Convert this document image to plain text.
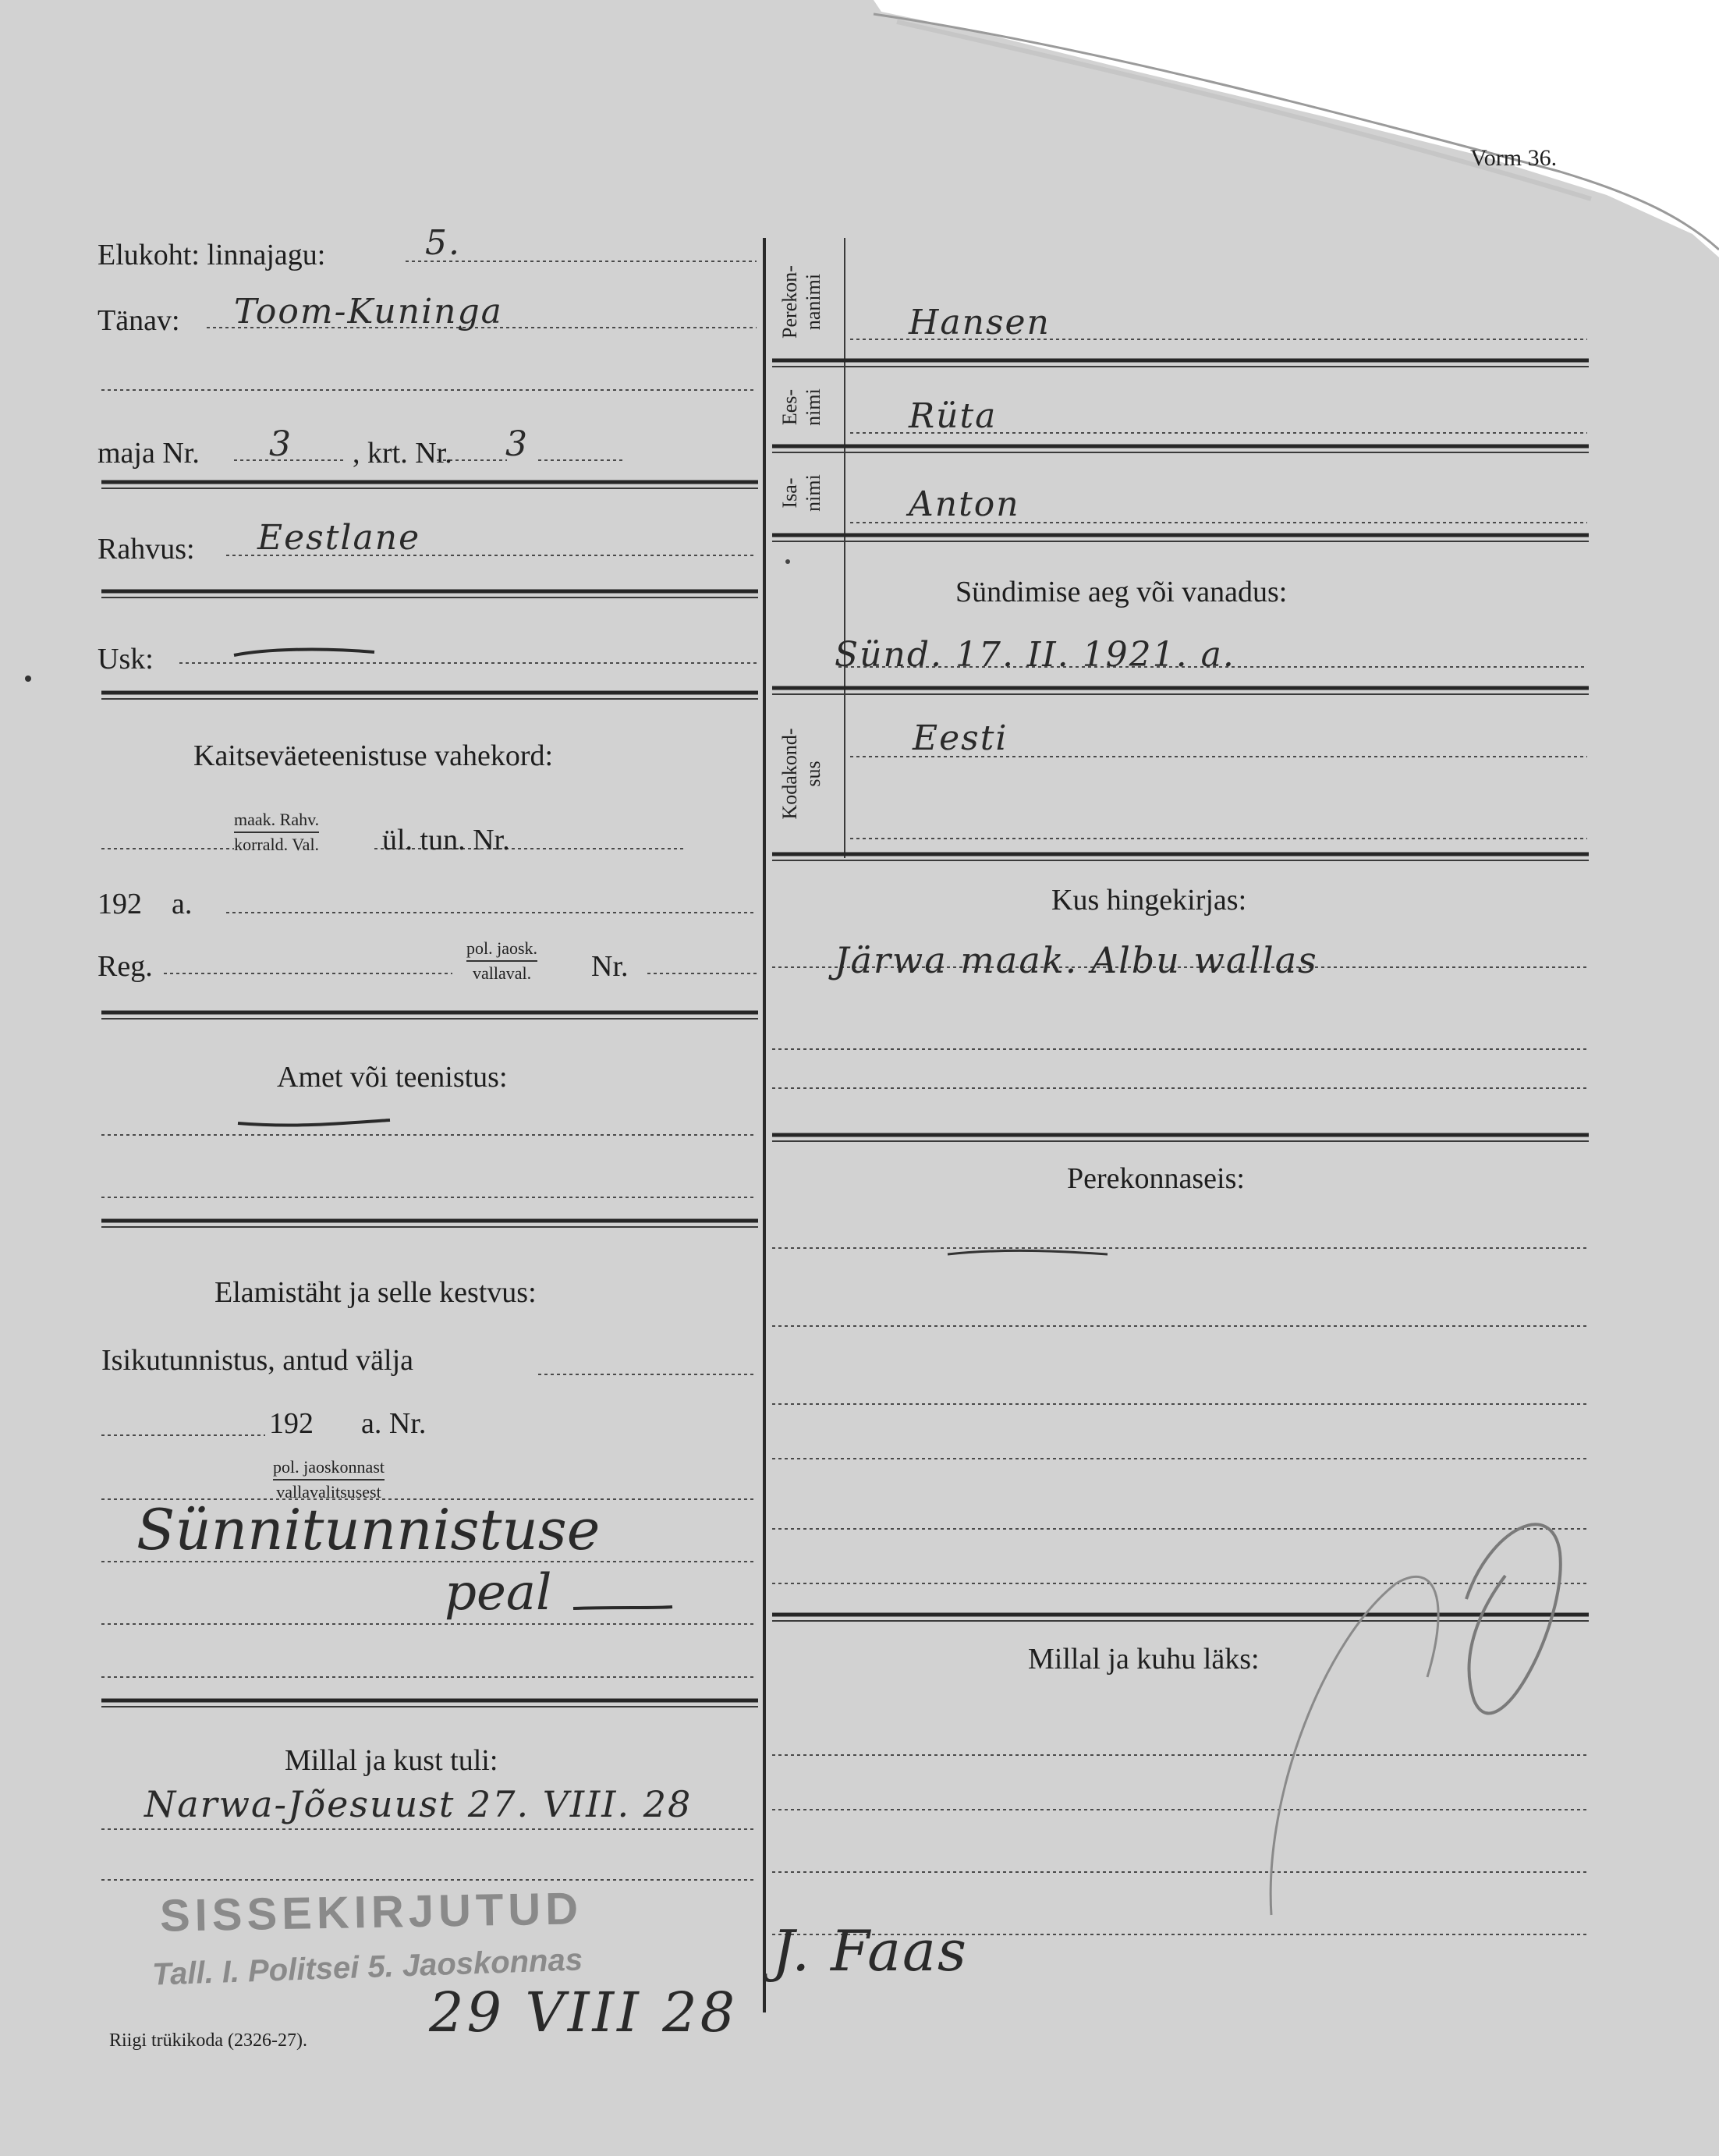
Vorm 36.
Elukoht: linnajagu:	5.
Tänav: Toom-Kuninga
maja Nr. 3 , krt. Nr. 3
Rahvus: Eestlane
Usk:
Kaitseväeteenistuse vahekord:
maak. Rahv.
korrald. Val. ül. tun. Nr.
192    a.
Reg.
pol. jaosk.
vallaval. Nr.
Amet või teenistus:
Elamistäht ja selle kestvus:
Isikutunnistus, antud välja
192 a. Nr.
pol. jaoskonnast
vallavalitsusest
Sünnitunnistuse
peal
Millal ja kust tuli:
Narwa-Jõesuust 27. VIII. 28
SISSEKIRJUTUD
Tall. I. Politsei 5. Jaoskonnas
29 VIII 28
J. Faas
Riigi trükikoda (2326-27).
Perekon-
nanimi
Ees-
nimi
Isa-
nimi
Kodakond-
sus
Hansen
Rüta
Anton
Sündimise aeg või vanadus:
Sünd. 17. II. 1921. a.
Eesti
Kus hingekirjas:
Järwa maak. Albu wallas
Perekonnaseis:
Millal ja kuhu läks:
